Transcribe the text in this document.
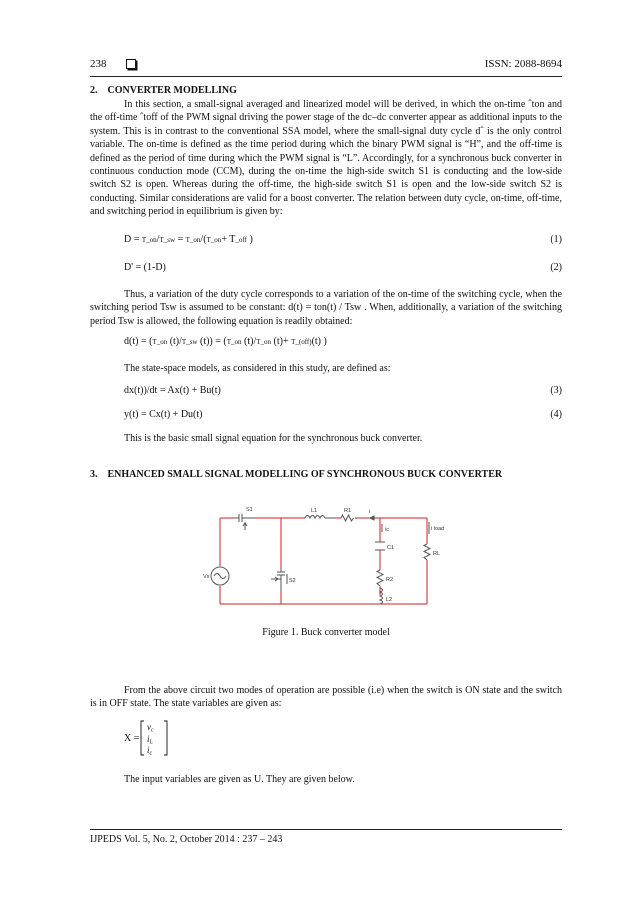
238	ISSN: 2088-8694
2. CONVERTER MODELLING

In this section, a small-signal averaged and linearized model will be derived, in which the on-time ˆton and the off-time ˆtoff of the PWM signal driving the power stage of the dc–dc converter appear as additional inputs to the system. This is in contrast to the conventional SSA model, where the small-signal duty cycle dˆ is the only control variable. The on-time is defined as the time period during which the binary PWM signal is “H”, and the off-time is defined as the period of time during which the PWM signal is “L”. Accordingly, for a synchronous buck converter in continuous conduction mode (CCM), during the on-time the high-side switch S1 is conducting and the low-side switch S2 is open. Whereas during the off-time, the high-side switch S1 is open and the low-side switch S2 is conducting. Similar considerations are valid for a boost converter. The relation between duty cycle, on-time, off-time, and switching period in equilibrium is given by:

D = T_on/T_sw = T_on/(T_on+ T_off )	(1)
D' = (1-D)	(2)

Thus, a variation of the duty cycle corresponds to a variation of the on-time of the switching cycle, when the switching period Tsw is assumed to be constant: d(t) = ton(t) / Tsw . When, additionally, a variation of the switching period Tsw is allowed, the following equation is readily obtained:

d(t) = (T_on (t)/T_sw (t)) = (T_on (t)/T_on (t)+ T_(off)(t) )
The state-space models, as considered in this study, are defined as:
dx(t))/dt = Ax(t) + Bu(t)	(3)
y(t) = Cx(t) + Du(t)	(4)
This is the basic small signal equation for the synchronous buck converter.
3. ENHANCED SMALL SIGNAL MODELLING OF SYNCHRONOUS BUCK CONVERTER
S1	L1	R1	i
i load
ic
C1
RL
Vs
S2	R2
L2
Figure 1. Buck converter model

From the above circuit two modes of operation are possible (i.e) when the switch is ON state and the switch is in OFF state. The state variables are given as:

X =
vc
iL
ic
The input variables are given as U. They are given below.
IJPEDS Vol. 5, No. 2, October 2014 : 237 – 243
